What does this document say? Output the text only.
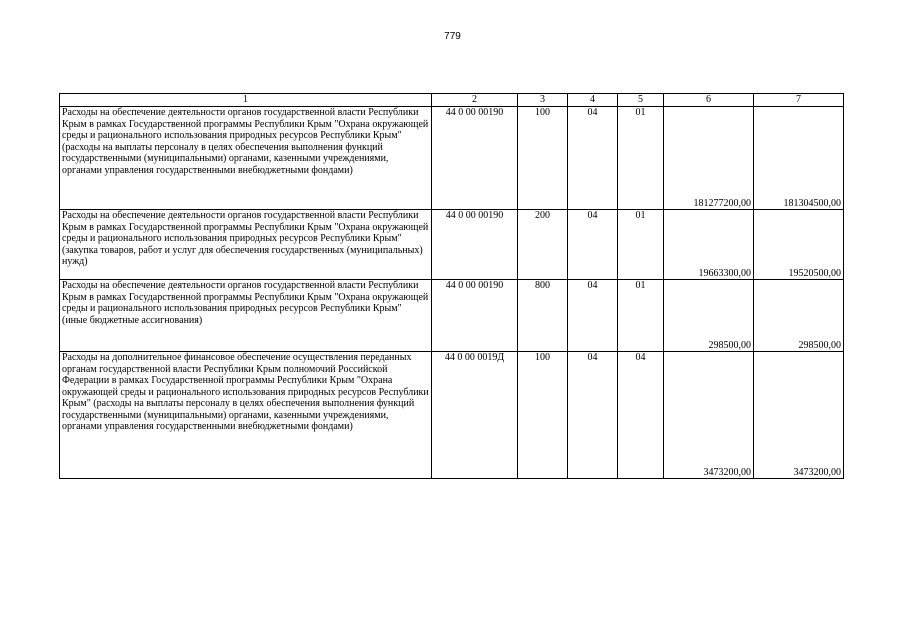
779
1	2	3	4	5	6	7
Расходы на обеспечение деятельности органов государственной власти Республики Крым в рамках Государственной программы Республики Крым "Охрана окружающей среды и рационального использования природных ресурсов Республики Крым" (расходы на выплаты персоналу в целях обеспечения выполнения функций государственными (муниципальными) органами, казенными учреждениями, органами управления государственными внебюджетными фондами)	44 0 00 00190	100	04	01	181277200,00	181304500,00
Расходы на обеспечение деятельности органов государственной власти Республики Крым в рамках Государственной программы Республики Крым "Охрана окружающей среды и рационального использования природных ресурсов Республики Крым" (закупка товаров, работ и услуг для обеспечения государственных (муниципальных) нужд)	44 0 00 00190	200	04	01	19663300,00	19520500,00
Расходы на обеспечение деятельности органов государственной власти Республики Крым в рамках Государственной программы Республики Крым "Охрана окружающей среды и рационального использования природных ресурсов Республики Крым" (иные бюджетные ассигнования)	44 0 00 00190	800	04	01	298500,00	298500,00
Расходы на дополнительное финансовое обеспечение осуществления переданных органам государственной власти Республики Крым полномочий Российской Федерации в рамках Государственной программы Республики Крым "Охрана окружающей среды и рационального использования природных ресурсов Республики Крым" (расходы на выплаты персоналу в целях обеспечения выполнения функций государственными (муниципальными) органами, казенными учреждениями, органами управления государственными внебюджетными фондами)	44 0 00 0019Д	100	04	04	3473200,00	3473200,00
